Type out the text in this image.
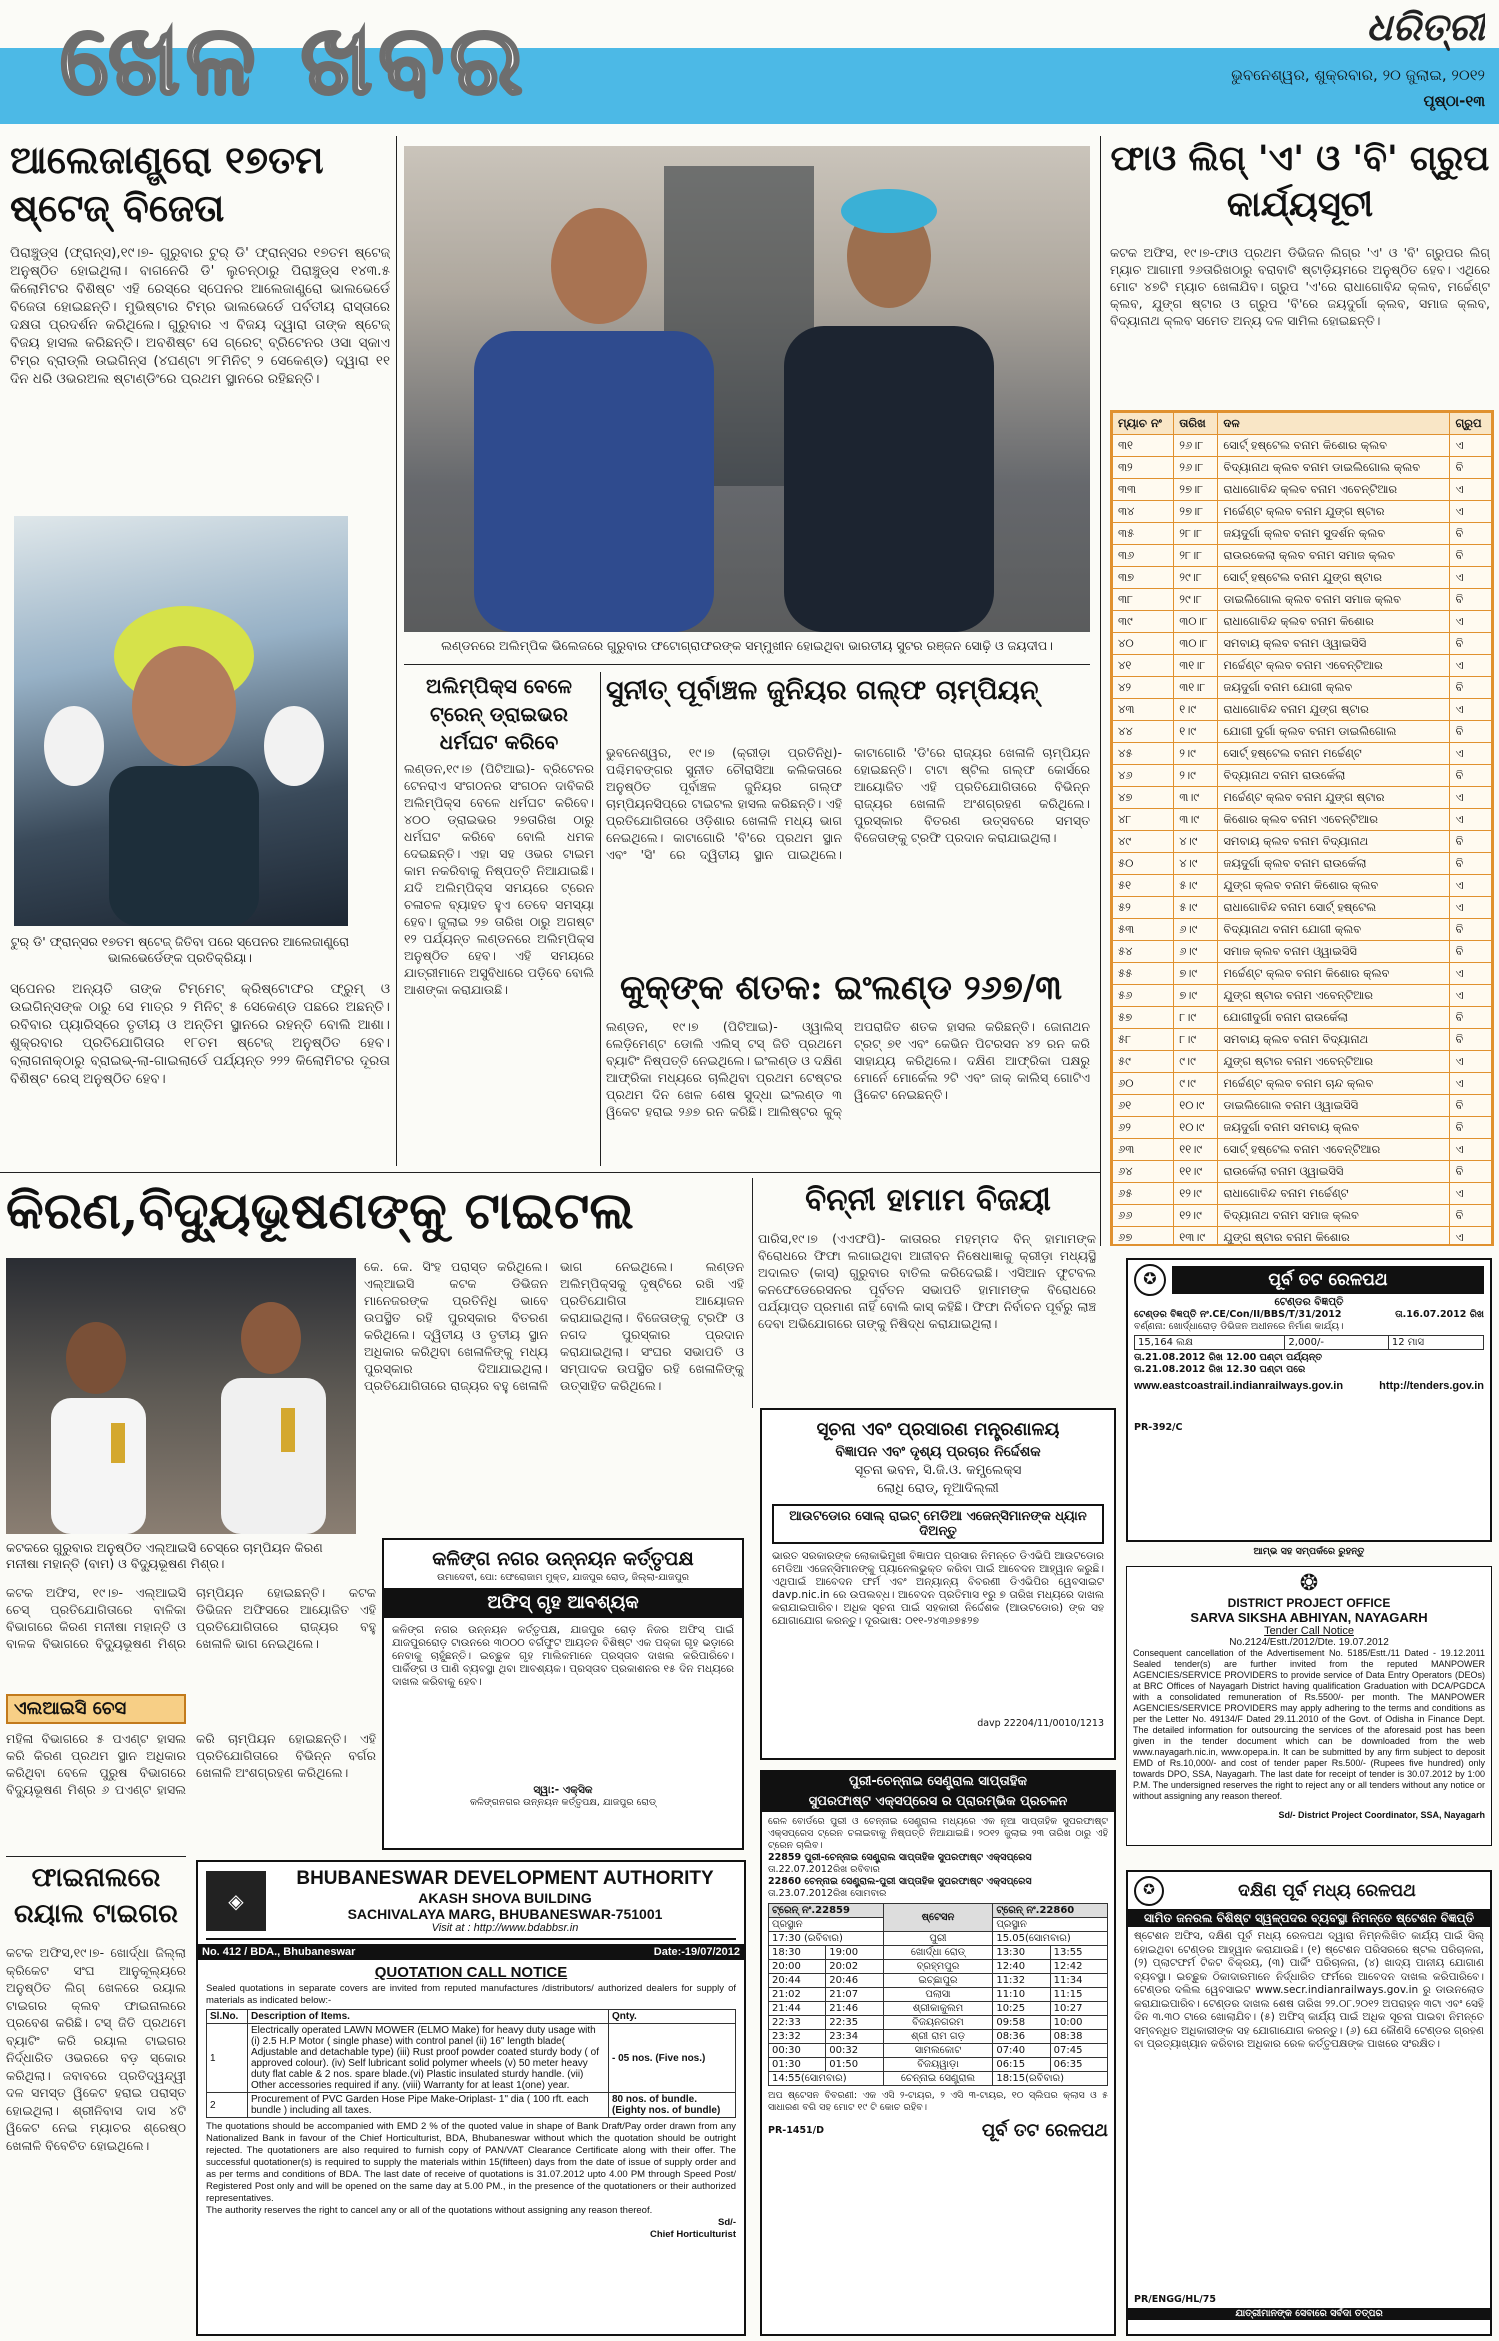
ଖେଳ ଖବର	ଧରିତ୍ରୀ
ଭୁବନେଶ୍ୱର, ଶୁକ୍ରବାର, ୨୦ ଜୁଲାଇ, ୨୦୧୨
ପୃଷ୍ଠା-୧୩
ଆଲେଜାଣ୍ଡ୍ରୋ ୧୭ତମ ଷ୍ଟେଜ୍ ବିଜେତା
ପିରାଞ୍ଚୁଡ୍ସ (ଫ୍ରାନ୍ସ),୧୯।୭- ଗୁରୁବାର ଟୁର୍ ଡି' ଫ୍ରାନ୍ସର ୧୭ତମ ଷ୍ଟେଜ୍ ଅନୁଷ୍ଠିତ ହୋଇଥିଲା। ବାଗନେରି ଡି' ଲୁଚନ୍‌ଠାରୁ ପିରାଞ୍ଚୁଡ୍ସ ୧୪୩.୫ କିଲୋମିଟର ବିଶିଷ୍ଟ ଏହି ରେସ୍‌ରେ ସ୍ପେନର ଆଲେଜାଣ୍ଡ୍ରୋ ଭାଲଭେର୍ଡେ ବିଜେତା ହୋଇଛନ୍ତି। ମୁଭିଷ୍ଟାର ଟିମ୍‌ର ଭାଲଭେର୍ଡେ ପର୍ବତୀୟ ରାସ୍ତାରେ ଦକ୍ଷତା ପ୍ରଦର୍ଶନ କରିଥିଲେ। ଗୁରୁବାର ଏ ବିଜୟ ଦ୍ୱାରା ତାଙ୍କ ଷ୍ଟେଜ୍ ବିଜୟ ହାସଲ କରିଛନ୍ତି। ଅବଶିଷ୍ଟ ସେ ଗ୍ରେଟ୍ ବ୍ରିଟେନର ଓସା ସ୍କାଏ ଟିମ୍‌ର ବ୍ରାଡ୍ଲି ଉଇଗିନ୍ସ (୪ଘଣ୍ଟା ୨୮ମିନିଟ୍ ୨ ସେକେଣ୍ଡ) ଦ୍ୱାରା ୧୧ ଦିନ ଧରି ଓଭରଅଲ ଷ୍ଟାଣ୍ଡିଂରେ ପ୍ରଥମ ସ୍ଥାନରେ ରହିଛନ୍ତି।
ଟୁର୍ ଡି' ଫ୍ରାନ୍ସର ୧୭ତମ ଷ୍ଟେଜ୍ ଜିତିବା ପରେ ସ୍ପେନର ଆଲେଜାଣ୍ଡ୍ରୋ ଭାଲଭେର୍ଡେଙ୍କ ପ୍ରତିକ୍ରିୟା।
ସ୍ପେନର ଅନ୍ୟତି ତାଙ୍କ ଟିମ୍‌ମେଟ୍ କ୍ରିଷ୍ଟୋଫର ଫ୍ରୁମ୍ ଓ ଉଇଗିନ୍ସଙ୍କ ଠାରୁ ସେ ମାତ୍ର ୨ ମିନିଟ୍ ୫ ସେକେଣ୍ଡ ପଛରେ ଅଛନ୍ତି। ରବିବାର ପ୍ୟାରିସ୍‌ରେ ତୃତୀୟ ଓ ଅନ୍ତିମ ସ୍ଥାନରେ ରହନ୍ତି ବୋଲି ଆଶା। ଶୁକ୍ରବାର ପ୍ରତିଯୋଗିତାର ୧୮ତମ ଷ୍ଟେଜ୍ ଅନୁଷ୍ଠିତ ହେବ। ବ୍ଲାଗନାକ୍‌ଠାରୁ ବ୍ରାଇଭ୍-ଲା-ଗାଇଲାର୍ଡେ ପର୍ଯ୍ୟନ୍ତ ୨୨୨ କିଲୋମିଟର ଦୂରତା ବିଶିଷ୍ଟ ରେସ୍ ଅନୁଷ୍ଠିତ ହେବ।
ଲଣ୍ଡନରେ ଅଲିମ୍ପିକ ଭିଲେଜରେ ଗୁରୁବାର ଫଟୋଗ୍ରାଫରଙ୍କ ସମ୍ମୁଖୀନ ହୋଇଥିବା ଭାରତୀୟ ସୁଟର ରଞ୍ଜନ ସୋଢ଼ି ଓ ଜୟଦୀପ।
ଅଲିମ୍ପିକ୍ସ ବେଳେ ଟ୍ରେନ୍ ଡ୍ରାଇଭର ଧର୍ମଘଟ କରିବେ
ଲଣ୍ଡନ,୧୯।୭ (ପିଟିଆଇ)- ବ୍ରିଟେନର ଟେନରାଏ ସଂଗଠନର ସଂଗଠନ ଦାବିକରି ଅଲିମ୍ପିକ୍ସ ବେଳେ ଧର୍ମଘଟ କରିବେ। ୪୦୦ ଡ୍ରାଇଭର ୨୭ତାରିଖ ଠାରୁ ଧର୍ମଘଟ କରିବେ ବୋଲି ଧମକ ଦେଇଛନ୍ତି। ଏହା ସହ ଓଭର ଟାଇମ କାମ ନକରିବାକୁ ନିଷ୍ପତ୍ତି ନିଆଯାଇଛି। ଯଦି ଅଲିମ୍ପିକ୍ସ ସମୟରେ ଟ୍ରେନ ଚଳାଚଳ ବ୍ୟାହତ ହୁଏ ତେବେ ସମସ୍ୟା ହେବ। ଜୁଲାଇ ୨୭ ତାରିଖ ଠାରୁ ଅଗଷ୍ଟ ୧୨ ପର୍ଯ୍ୟନ୍ତ ଲଣ୍ଡନରେ ଅଲିମ୍ପିକ୍ସ ଅନୁଷ୍ଠିତ ହେବ। ଏହି ସମୟରେ ଯାତ୍ରୀମାନେ ଅସୁବିଧାରେ ପଡ଼ିବେ ବୋଲି ଆଶଙ୍କା କରାଯାଉଛି।
ସୁନୀତ୍ ପୂର୍ବାଞ୍ଚଳ ଜୁନିୟର ଗଲ୍ଫ ଚାମ୍ପିୟନ୍
ଭୁବନେଶ୍ୱର, ୧୯।୭ (କ୍ରୀଡ଼ା ପ୍ରତିନିଧି)- ପଶ୍ଚିମବଙ୍ଗର ସୁନୀତ ଚୌରାସିଆ କଲିକତାରେ ଅନୁଷ୍ଠିତ ପୂର୍ବାଞ୍ଚଳ ଜୁନିୟର ଗଲ୍ଫ ଚାମ୍ପିୟନସିପ୍‌ରେ ଟାଇଟଲ ହାସଲ କରିଛନ୍ତି। ଏହି ପ୍ରତିଯୋଗିତାରେ ଓଡ଼ିଶାର ଖେଳାଳି ମଧ୍ୟ ଭାଗ ନେଇଥିଲେ। କାଟାଗୋରି 'ବି'ରେ ପ୍ରଥମ ସ୍ଥାନ ଏବଂ 'ସି' ରେ ଦ୍ୱିତୀୟ ସ୍ଥାନ ପାଇଥିଲେ। କାଟାଗୋରି 'ଡି'ରେ ରାଜ୍ୟର ଖେଳାଳି ଚାମ୍ପିୟନ ହୋଇଛନ୍ତି। ଟାଟା ଷ୍ଟିଲ ଗଲ୍ଫ କୋର୍ସରେ ଆୟୋଜିତ ଏହି ପ୍ରତିଯୋଗିତାରେ ବିଭିନ୍ନ ରାଜ୍ୟର ଖେଳାଳି ଅଂଶଗ୍ରହଣ କରିଥିଲେ। ପୁରସ୍କାର ବିତରଣ ଉତ୍ସବରେ ସମସ୍ତ ବିଜେତାଙ୍କୁ ଟ୍ରଫି ପ୍ରଦାନ କରାଯାଇଥିଲା।
କୁକ୍‌ଙ୍କ ଶତକ: ଇଂଲଣ୍ଡ ୨୬୭/୩
ଲଣ୍ଡନ, ୧୯।୭ (ପିଟିଆଇ)- ଓ୍ୱାଲିସ୍ ଲେଡ଼ିମେଣ୍ଟ ଡୋଲି ଏଲିସ୍ ଟସ୍ ଜିତି ପ୍ରଥମେ ବ୍ୟାଟିଂ ନିଷ୍ପତ୍ତି ନେଇଥିଲେ। ଇଂଲଣ୍ଡ ଓ ଦକ୍ଷିଣ ଆଫ୍ରିକା ମଧ୍ୟରେ ଚାଲିଥିବା ପ୍ରଥମ ଟେଷ୍ଟର ପ୍ରଥମ ଦିନ ଖେଳ ଶେଷ ସୁଦ୍ଧା ଇଂଲଣ୍ଡ ୩ ୱିକେଟ ହରାଇ ୨୬୭ ରନ କରିଛି। ଆଲିଷ୍ଟର କୁକ୍ ଅପରାଜିତ ଶତକ ହାସଲ କରିଛନ୍ତି। ଜୋନାଥନ ଟ୍ରଟ୍ ୭୧ ଏବଂ କେଭିନ ପିଟରସନ ୪୨ ରନ କରି ସାହାଯ୍ୟ କରିଥିଲେ। ଦକ୍ଷିଣ ଆଫ୍ରିକା ପକ୍ଷରୁ ମୋର୍ନେ ମୋର୍କେଲ ୨ଟି ଏବଂ ଜାକ୍ କାଲିସ୍ ଗୋଟିଏ ୱିକେଟ ନେଇଛନ୍ତି।
ଫାଓ ଲିଗ୍ 'ଏ' ଓ 'ବି' ଗ୍ରୁପ କାର୍ଯ୍ୟସୂଚୀ
କଟକ ଅଫିସ, ୧୯।୭-ଫାଓ ପ୍ରଥମ ଡିଭିଜନ ଲିଗ୍‌ର 'ଏ' ଓ 'ବି' ଗ୍ରୁପର ଲିଗ୍ ମ୍ୟାଚ ଆଗାମୀ ୨୬ତାରିଖଠାରୁ ବରାବାଟି ଷ୍ଟାଡ଼ିୟମରେ ଅନୁଷ୍ଠିତ ହେବ। ଏଥିରେ ମୋଟ ୪୭ଟି ମ୍ୟାଚ ଖେଳାଯିବ। ଗ୍ରୁପ 'ଏ'ରେ ରାଧାଗୋବିନ୍ଦ କ୍ଲବ, ମର୍ଚ୍ଚେଣ୍ଟ କ୍ଲବ, ଯୁଙ୍ଗ ଷ୍ଟାର ଓ ଗ୍ରୁପ 'ବି'ରେ ଜୟଦୁର୍ଗା କ୍ଲବ, ସମାଜ କ୍ଲବ, ବିଦ୍ୟାନାଥ କ୍ଲବ ସମେତ ଅନ୍ୟ ଦଳ ସାମିଲ ହୋଇଛନ୍ତି।
ମ୍ୟାଚ ନଂ	ତାରିଖ	ଦଳ	ଗ୍ରୁପ
୩୧	୨୬।୮	ସୋର୍ଟ୍ ହଷ୍ଟେଲ ବନାମ କିଶୋର କ୍ଲବ	ଏ
୩୨	୨୬।୮	ବିଦ୍ୟାନାଥ କ୍ଲବ ବନାମ ଡାଇଲିଗୋଲ କ୍ଲବ	ବି
୩୩	୨୭।୮	ରାଧାଗୋବିନ୍ଦ କ୍ଲବ ବନାମ ଏବେନ୍ଟିଆର	ଏ
୩୪	୨୭।୮	ମର୍ଚ୍ଚେଣ୍ଟ କ୍ଲବ ବନାମ ଯୁଙ୍ଗ ଷ୍ଟାର	ଏ
୩୫	୨୮।୮	ଜୟଦୁର୍ଗା କ୍ଲବ ବନାମ ସୁଦର୍ଶନ କ୍ଲବ	ବି
୩୬	୨୮।୮	ରାଉରକେଲା କ୍ଲବ ବନାମ ସମାଜ କ୍ଲବ	ବି
୩୭	୨୯।୮	ସୋର୍ଟ୍ ହଷ୍ଟେଲ ବନାମ ଯୁଙ୍ଗ ଷ୍ଟାର	ଏ
୩୮	୨୯।୮	ଡାଇଲିଗୋଲ କ୍ଲବ ବନାମ ସମାଜ କ୍ଲବ	ବି
୩୯	୩୦।୮	ରାଧାଗୋବିନ୍ଦ କ୍ଲବ ବନାମ କିଶୋର	ଏ
୪୦	୩୦।୮	ସମବାୟ କ୍ଲବ ବନାମ ଓ୍ୱାଇସିସି	ବି
୪୧	୩୧।୮	ମର୍ଚ୍ଚେଣ୍ଟ କ୍ଲବ ବନାମ ଏବେନ୍ଟିଆର	ଏ
୪୨	୩୧।୮	ଜୟଦୁର୍ଗା ବନାମ ଯୋଗୀ କ୍ଲବ	ବି
୪୩	୧।୯	ରାଧାଗୋବିନ୍ଦ ବନାମ ଯୁଙ୍ଗ ଷ୍ଟାର	ଏ
୪୪	୧।୯	ଯୋଗୀ ଦୁର୍ଗା କ୍ଲବ ବନାମ ଡାଇଲିଗୋଲ	ବି
୪୫	୨।୯	ସୋର୍ଟ୍ ହଷ୍ଟେଲ ବନାମ ମର୍ଚ୍ଚେଣ୍ଟ	ଏ
୪୬	୨।୯	ବିଦ୍ୟାନାଥ ବନାମ ରାଉର୍କେଲା	ବି
୪୭	୩।୯	ମର୍ଚ୍ଚେଣ୍ଟ କ୍ଲବ ବନାମ ଯୁଙ୍ଗ ଷ୍ଟାର	ଏ
୪୮	୩।୯	କିଶୋର କ୍ଲବ ବନାମ ଏବେନ୍ଟିଆର	ଏ
୪୯	୪।୯	ସମବାୟ କ୍ଲବ ବନାମ ବିଦ୍ୟାନାଥ	ବି
୫୦	୪।୯	ଜୟଦୁର୍ଗା କ୍ଲବ ବନାମ ରାଉର୍କେଲା	ବି
୫୧	୫।୯	ଯୁଙ୍ଗ କ୍ଲବ ବନାମ କିଶୋର କ୍ଲବ	ଏ
୫୨	୫।୯	ରାଧାଗୋବିନ୍ଦ ବନାମ ସୋର୍ଟ୍ ହଷ୍ଟେଲ	ଏ
୫୩	୬।୯	ବିଦ୍ୟାନାଥ ବନାମ ଯୋଗୀ କ୍ଲବ	ବି
୫୪	୬।୯	ସମାଜ କ୍ଲବ ବନାମ ଓ୍ୱାଇସିସି	ବି
୫୫	୭।୯	ମର୍ଚ୍ଚେଣ୍ଟ କ୍ଲବ ବନାମ କିଶୋର କ୍ଲବ	ଏ
୫୬	୭।୯	ଯୁଙ୍ଗ ଷ୍ଟାର ବନାମ ଏବେନ୍ଟିଆର	ଏ
୫୭	୮।୯	ଯୋଗୀଦୁର୍ଗା ବନାମ ରାଉର୍କେଲା	ବି
୫୮	୮।୯	ସମବାୟ କ୍ଲବ ବନାମ ବିଦ୍ୟାନାଥ	ବି
୫୯	୯।୯	ଯୁଙ୍ଗ ଷ୍ଟାର ବନାମ ଏବେନ୍ଟିଆର	ଏ
୬୦	୯।୯	ମର୍ଚ୍ଚେଣ୍ଟ କ୍ଲବ ବନାମ ଚାନ୍ଦ କ୍ଲବ	ଏ
୬୧	୧୦।୯	ଡାଇଲିଗୋଲ ବନାମ ଓ୍ୱାଇସିସି	ବି
୬୨	୧୦।୯	ଜୟଦୁର୍ଗା ବନାମ ସମବାୟ କ୍ଲବ	ବି
୬୩	୧୧।୯	ସୋର୍ଟ୍ ହଷ୍ଟେଲ ବନାମ ଏବେନ୍ଟିଆର	ଏ
୬୪	୧୧।୯	ରାଉର୍କେଲା ବନାମ ଓ୍ୱାଇସିସି	ବି
୬୫	୧୨।୯	ରାଧାଗୋବିନ୍ଦ ବନାମ ମର୍ଚ୍ଚେଣ୍ଟ	ଏ
୬୬	୧୨।୯	ବିଦ୍ୟାନାଥ ବନାମ ସମାଜ କ୍ଲବ	ବି
୬୭	୧୩।୯	ଯୁଙ୍ଗ ଷ୍ଟାର ବନାମ କିଶୋର	ଏ

କିରଣ,ବିଦ୍ୟୁଭୂଷଣଙ୍କୁ ଟାଇଟଲ
କଟକରେ ଗୁରୁବାର ଅନୁଷ୍ଠିତ ଏଲ୍‌ଆଇସି ଚେସ୍‌ରେ ଚାମ୍ପିୟନ କିରଣ ମନୀଷା ମହାନ୍ତି (ବାମ) ଓ ବିଦ୍ୟୁଭୂଷଣ ମିଶ୍ର।
କେ. କେ. ସିଂହ ପରାସ୍ତ କରିଥିଲେ। ଏଲ୍‌ଆଇସି କଟକ ଡିଭିଜନ ମାନେଜରଙ୍କ ପ୍ରତିନିଧି ଭାବେ ଉପସ୍ଥିତ ରହି ପୁରସ୍କାର ବିତରଣ କରିଥିଲେ। ଦ୍ୱିତୀୟ ଓ ତୃତୀୟ ସ୍ଥାନ ଅଧିକାର କରିଥିବା ଖେଳାଳିଙ୍କୁ ମଧ୍ୟ ପୁରସ୍କାର ଦିଆଯାଇଥିଲା। ପ୍ରତିଯୋଗିତାରେ ରାଜ୍ୟର ବହୁ ଖେଳାଳି ଭାଗ ନେଇଥିଲେ। ଲଣ୍ଡନ ଅଲିମ୍ପିକ୍ସକୁ ଦୃଷ୍ଟିରେ ରଖି ଏହି ପ୍ରତିଯୋଗିତା ଆୟୋଜନ କରାଯାଇଥିଲା। ବିଜେତାଙ୍କୁ ଟ୍ରଫି ଓ ନଗଦ ପୁରସ୍କାର ପ୍ରଦାନ କରାଯାଇଥିଲା। ସଂଘର ସଭାପତି ଓ ସମ୍ପାଦକ ଉପସ୍ଥିତ ରହି ଖେଳାଳିଙ୍କୁ ଉତ୍ସାହିତ କରିଥିଲେ।
କଟକ ଅଫିସ, ୧୯।୭- ଏଲ୍‌ଆଇସି ଚେସ୍ ପ୍ରତିଯୋଗିତାରେ ବାଳିକା ବିଭାଗରେ କିରଣ ମନୀଷା ମହାନ୍ତି ଓ ବାଳକ ବିଭାଗରେ ବିଦ୍ୟୁଭୂଷଣ ମିଶ୍ର ଚାମ୍ପିୟନ ହୋଇଛନ୍ତି। କଟକ ଡିଭିଜନ ଅଫିସରେ ଆୟୋଜିତ ଏହି ପ୍ରତିଯୋଗିତାରେ ରାଜ୍ୟର ବହୁ ଖେଳାଳି ଭାଗ ନେଇଥିଲେ।
ଏଲଆଇସି ଚେସ
ମହିଳା ବିଭାଗରେ ୫ ପଏଣ୍ଟ ହାସଲ କରି କିରଣ ପ୍ରଥମ ସ୍ଥାନ ଅଧିକାର କରିଥିବା ବେଳେ ପୁରୁଷ ବିଭାଗରେ ବିଦ୍ୟୁଭୂଷଣ ମିଶ୍ର ୬ ପଏଣ୍ଟ ହାସଲ କରି ଚାମ୍ପିୟନ ହୋଇଛନ୍ତି। ଏହି ପ୍ରତିଯୋଗିତାରେ ବିଭିନ୍ନ ବର୍ଗର ଖେଳାଳି ଅଂଶଗ୍ରହଣ କରିଥିଲେ।
ଫାଇନାଲରେ ରୟାଲ ଟାଇଗର
କଟକ ଅଫିସ,୧୯।୭- ଖୋର୍ଦ୍ଧା ଜିଲ୍ଲା କ୍ରିକେଟ ସଂଘ ଆନୁକୂଲ୍ୟରେ ଅନୁଷ୍ଠିତ ଲିଗ୍ ଖେଳରେ ରୟାଲ ଟାଇଗର କ୍ଲବ ଫାଇନାଲରେ ପ୍ରବେଶ କରିଛି। ଟସ୍ ଜିତି ପ୍ରଥମେ ବ୍ୟାଟିଂ କରି ରୟାଲ ଟାଇଗର ନିର୍ଦ୍ଧାରିତ ଓଭରରେ ବଡ଼ ସ୍କୋର କରିଥିଲା। ଜବାବରେ ପ୍ରତିଦ୍ୱନ୍ଦ୍ୱୀ ଦଳ ସମସ୍ତ ୱିକେଟ ହରାଇ ପରାସ୍ତ ହୋଇଥିଲା। ଶ୍ରୀନିବାସ ଦାସ ୪ଟି ୱିକେଟ ନେଇ ମ୍ୟାଚର ଶ୍ରେଷ୍ଠ ଖେଳାଳି ବିବେଚିତ ହୋଇଥିଲେ।
ବିନ୍ନୀ ହାମାମ ବିଜୟୀ
ପାରିସ,୧୯।୭ (ଏଏଫପି)- କାତାରର ମହମ୍ମଦ ବିନ୍ ହାମାମଙ୍କ ବିରୋଧରେ ଫିଫା ଲଗାଇଥିବା ଆଜୀବନ ନିଷେଧାଜ୍ଞାକୁ କ୍ରୀଡ଼ା ମଧ୍ୟସ୍ଥି ଅଦାଲତ (କାସ୍) ଗୁରୁବାର ବାତିଲ କରିଦେଇଛି। ଏସିଆନ ଫୁଟବଲ କନଫେଡେରେସନର ପୂର୍ବତନ ସଭାପତି ହାମାମଙ୍କ ବିରୋଧରେ ପର୍ଯ୍ୟାପ୍ତ ପ୍ରମାଣ ନାହିଁ ବୋଲି କାସ୍ କହିଛି। ଫିଫା ନିର୍ବାଚନ ପୂର୍ବରୁ ଲାଞ୍ଚ ଦେବା ଅଭିଯୋଗରେ ତାଙ୍କୁ ନିଷିଦ୍ଧ କରାଯାଇଥିଲା।
ସୂଚନା ଏବଂ ପ୍ରସାରଣ ମନ୍ତ୍ରଣାଳୟ
ବିଜ୍ଞାପନ ଏବଂ ଦୃଶ୍ୟ ପ୍ରଚାର ନିର୍ଦ୍ଦେଶକ
ସୂଚନା ଭବନ, ସି.ଜି.ଓ. କମ୍ପ୍ଲେକ୍ସ
ଲୋଧି ରୋଡ୍, ନୂଆଦିଲ୍ଲୀ
ଆଉଟଡୋର ସୋଲ୍ ରାଇଟ୍ ମେଡିଆ ଏଜେନ୍ସିମାନଙ୍କ ଧ୍ୟାନ ଦିଅନ୍ତୁ
ଭାରତ ସରକାରଙ୍କ ଲୋକାଭିମୁଖୀ ବିଜ୍ଞାପନ ପ୍ରସାର ନିମନ୍ତେ ଡିଏଭିପି ଆଉଟଡୋର ମେଡିଆ ଏଜେନ୍ସିମାନଙ୍କୁ ପ୍ୟାନେଲଭୁକ୍ତ କରିବା ପାଇଁ ଆବେଦନ ଆହ୍ୱାନ କରୁଛି। ଏଥିପାଇଁ ଆବେଦନ ଫର୍ମ ଏବଂ ଅନ୍ୟାନ୍ୟ ବିବରଣୀ ଡିଏଭିପିର ୱେବସାଇଟ davp.nic.in ରେ ଉପଲବ୍ଧ। ଆବେଦନ ପ୍ରତିମାସ ୧ରୁ ୭ ତାରିଖ ମଧ୍ୟରେ ଦାଖଲ କରାଯାଇପାରିବ। ଅଧିକ ସୂଚନା ପାଇଁ ସହକାରୀ ନିର୍ଦ୍ଦେଶକ (ଆଉଟଡୋର) ଙ୍କ ସହ ଯୋଗାଯୋଗ କରନ୍ତୁ। ଦୂରଭାଷ: ୦୧୧-୨୪୩୬୭୫୨୭
davp 22204/11/0010/1213
କଳିଙ୍ଗ ନଗର ଉନ୍ନୟନ କର୍ତ୍ତୃପକ୍ଷ
ଉମାଦେବୀ, ପୋ: ଫେରୋଜାମ ମୁକ୍ତ, ଯାଜପୁର ରୋଡ୍, ଜିଲ୍ଲା-ଯାଜପୁର
ଅଫିସ୍ ଗୃହ ଆବଶ୍ୟକ
କଳିଙ୍ଗ ନଗର ଉନ୍ନୟନ କର୍ତ୍ତୃପକ୍ଷ, ଯାଜପୁର ରୋଡ଼ ନିଜର ଅଫିସ୍ ପାଇଁ ଯାଜପୁରରୋଡ଼ ଟାଉନରେ ୩୦୦୦ ବର୍ଗଫୁଟ ଆୟତନ ବିଶିଷ୍ଟ ଏକ ପକ୍କା ଗୃହ ଭଡ଼ାରେ ନେବାକୁ ଚାହୁଁଛନ୍ତି। ଇଚ୍ଛୁକ ଗୃହ ମାଲିକମାନେ ପ୍ରସ୍ତାବ ଦାଖଲ କରିପାରିବେ। ପାର୍କିଙ୍ଗ ଓ ପାଣି ବ୍ୟବସ୍ଥା ଥିବା ଆବଶ୍ୟକ। ପ୍ରସ୍ତାବ ପ୍ରକାଶନର ୧୫ ଦିନ ମଧ୍ୟରେ ଦାଖଲ କରିବାକୁ ହେବ।
ସ୍ୱା:- ଏକ୍ସିକ
କଳିଙ୍ଗନଗର ଉନ୍ନୟନ କର୍ତ୍ତୃପକ୍ଷ, ଯାଜପୁର ରୋଡ୍
◈
BHUBANESWAR DEVELOPMENT AUTHORITY
AKASH SHOVA BUILDING
SACHIVALAYA MARG, BHUBANESWAR-751001
Visit at : http://www.bdabbsr.in
No. 412 / BDA., Bhubaneswar	Date:-19/07/2012
QUOTATION CALL NOTICE
Sealed quotations in separate covers are invited from reputed manufactures /distributors/ authorized dealers for supply of materials as indicated below:-
Sl.No.	Description of Items.	Qnty.
1	Electrically operated LAWN MOWER (ELMO Make) for heavy duty usage with (i) 2.5 H.P Motor ( single phase) with control panel (ii) 16" length blade( Adjustable and detachable type) (iii) Rust proof powder coated sturdy body ( of approved colour). (iv) Self lubricant solid polymer wheels (v) 50 meter heavy duty flat cable & 2 nos. spare blade.(vi) Plastic insulated sturdy handle. (vii) Other accessories required if any. (viii) Warranty for at least 1(one) year.	- 05 nos. (Five nos.)
2	Procurement of PVC Garden Hose Pipe Make-Oriplast- 1" dia ( 100 rft. each bundle ) including all taxes.	80 nos. of bundle. (Eighty nos. of bundle)
The quotations should be accompanied with EMD 2 % of the quoted value in shape of Bank Draft/Pay order drawn from any Nationalized Bank in favour of the Chief Horticulturist, BDA, Bhubaneswar without which the quotation should be outright rejected. The quotationers are also required to furnish copy of PAN/VAT Clearance Certificate along with their offer. The successful quotationer(s) is required to supply the materials within 15(fifteen) days from the date of issue of supply order and as per terms and conditions of BDA. The last date of receive of quotations is 31.07.2012 upto 4.00 PM through Speed Post/ Registered Post only and will be opened on the same day at 5.00 PM., in the presence of the quotationers or their authorized representatives.
The authority reserves the right to cancel any or all of the quotations without assigning any reason thereof.
Sd/-
Chief Horticulturist
ପୁରୀ-ଚେନ୍ନାଇ ସେଣ୍ଟ୍ରାଲ ସାପ୍ତାହିକ
ସୁପରଫାଷ୍ଟ ଏକ୍ସପ୍ରେସ ର ପ୍ରାରମ୍ଭିକ ପ୍ରଚଳନ
ରେଳ ବୋର୍ଡରେ ପୁରୀ ଓ ଚେନ୍ନାଇ ସେଣ୍ଟ୍ରାଲ ମଧ୍ୟରେ ଏକ ନୂଆ ସାପ୍ତାହିକ ସୁପରଫାଷ୍ଟ ଏକ୍ସପ୍ରେସ ଟ୍ରେନ ଚଳାଇବାକୁ ନିଷ୍ପତ୍ତି ନିଆଯାଇଛି। ୨୦୧୨ ଜୁଲାଇ ୨୩ ତାରିଖ ଠାରୁ ଏହି ଟ୍ରେନ ଚାଲିବ।
22859 ପୁରୀ-ଚେନ୍ନାଇ ସେଣ୍ଟ୍ରାଲ ସାପ୍ତାହିକ ସୁପରଫାଷ୍ଟ ଏକ୍ସପ୍ରେସ
ତା.22.07.2012ରିଖ ରବିବାର
22860 ଚେନ୍ନାଇ ସେଣ୍ଟ୍ରାଲ-ପୁରୀ ସାପ୍ତାହିକ ସୁପରଫାଷ୍ଟ ଏକ୍ସପ୍ରେସ
ତା.23.07.2012ରିଖ ସୋମବାର
ଟ୍ରେନ୍ ନଂ.22859		ଷ୍ଟେସନ	ଟ୍ରେନ୍ ନଂ.22860	
ପ୍ରସ୍ଥାନ			ପ୍ରସ୍ଥାନ	
17:30 (ରବିବାର)		ପୁରୀ	15.05(ସୋମବାର)	
18:30	19:00	ଖୋର୍ଦ୍ଧା ରୋଡ୍	13:30	13:55
20:00	20:02	ବ୍ରହ୍ମପୁର	12:40	12:42
20:44	20:46	ଇଚ୍ଛାପୁର	11:32	11:34
21:02	21:07	ପଲାସା	11:10	11:15
21:44	21:46	ଶ୍ରୀକାକୁଲମ	10:25	10:27
22:33	22:35	ବିଜୟନଗରମ	09:58	10:00
23:32	23:34	ଶ୍ରୀ ରାମ ଗଡ଼	08:36	08:38
00:30	00:32	ସାମଲକୋଟ	07:40	07:45
01:30	01:50	ବିଜୟୱାଡ଼ା	06:15	06:35
14:55(ସୋମବାର)		ଚେନ୍ନାଇ ସେଣ୍ଟ୍ରାଲ	18:15(ରବିବାର)	
ଅପ ଷ୍ଟେସନ ବିବରଣୀ: ଏକ ଏସି ୨-ଟାୟର, ୨ ଏସି ୩-ଟାୟର, ୧୦ ସ୍ଲିପର କ୍ଲାସ ଓ ୫ ସାଧାରଣ ବଗି ସହ ମୋଟ ୧୯ ଟି କୋଚ ରହିବ।
PR-1451/D	ପୂର୍ବ ତଟ ରେଳପଥ
✪	ପୂର୍ବ ତଟ ରେଳପଥ
ଟେଣ୍ଡର ବିଜ୍ଞପ୍ତି
ଟେଣ୍ଡର ବିଜ୍ଞପ୍ତି ନଂ.CE/Con/II/BBS/T/31/2012	ତା.16.07.2012 ରିଖ
ବର୍ଣ୍ଣନା: ଖୋର୍ଦ୍ଧାରୋଡ଼ ଡିଭିଜନ ଅଧୀନରେ ନିର୍ମାଣ କାର୍ଯ୍ୟ।
15,164 ଲକ୍ଷ	2,000/-	12 ମାସ
ତା.21.08.2012 ରିଖ 12.00 ଘଣ୍ଟା ପର୍ଯ୍ୟନ୍ତ
ତା.21.08.2012 ରିଖ 12.30 ଘଣ୍ଟା ପରେ
www.eastcoastrail.indianrailways.gov.in	http://tenders.gov.in
PR-392/C
ଆମ୍ଭ ସହ ସମ୍ପର୍କରେ ରୁହନ୍ତୁ
❂
DISTRICT PROJECT OFFICE
SARVA SIKSHA ABHIYAN, NAYAGARH
Tender Call Notice
No.2124/Estt./2012/Dte. 19.07.2012
Consequent cancellation of the Advertisement No. 5185/Estt./11 Dated - 19.12.2011 Sealed tender(s) are further invited from the reputed MANPOWER AGENCIES/SERVICE PROVIDERS to provide service of Data Entry Operators (DEOs) at BRC Offices of Nayagarh District having qualification Graduation with DCA/PGDCA with a consolidated remuneration of Rs.5500/- per month. The MANPOWER AGENCIES/SERVICE PROVIDERS may apply adhering to the terms and conditions as per the Letter No. 49134/F Dated 29.11.2010 of the Govt. of Odisha in Finance Dept. The detailed information for outsourcing the services of the aforesaid post has been given in the tender document which can be downloaded from the web www.nayagarh.nic.in, www.opepa.in. It can be submitted by any firm subject to deposit EMD of Rs.10,000/- and cost of tender paper Rs.500/- (Rupees five hundred) only towards DPO, SSA, Nayagarh. The last date for receipt of tender is 30.07.2012 by 1:00 P.M. The undersigned reserves the right to reject any or all tenders without any notice or without assigning any reason thereof.
Sd/- District Project Coordinator, SSA, Nayagarh
✪	ଦକ୍ଷିଣ ପୂର୍ବ ମଧ୍ୟ ରେଳପଥ
ସାମିତ ଜନରଲ ବିଶିଷ୍ଟ ସ୍ୱଳ୍ପଦର ବ୍ୟବସ୍ଥା ନିମନ୍ତେ ଷ୍ଟେଶନ ବିଜ୍ଞପ୍ତି
ଷ୍ଟେଶନ ଅଫିସ, ଦକ୍ଷିଣ ପୂର୍ବ ମଧ୍ୟ ରେଳପଥ ଦ୍ୱାରା ନିମ୍ନଲିଖିତ କାର୍ଯ୍ୟ ପାଇଁ ସିଲ୍ ହୋଇଥିବା ଟେଣ୍ଡର ଆହ୍ୱାନ କରାଯାଉଛି। (୧) ଷ୍ଟେଶନ ପରିସରରେ ଷ୍ଟଲ ପରିଚାଳନା, (୨) ପ୍ଲାଟଫର୍ମ ଟିକଟ ବିକ୍ରୟ, (୩) ପାର୍କିଂ ପରିଚାଳନା, (୪) ଖାଦ୍ୟ ପାନୀୟ ଯୋଗାଣ ବ୍ୟବସ୍ଥା। ଇଚ୍ଛୁକ ଠିକାଦାରମାନେ ନିର୍ଦ୍ଧାରିତ ଫର୍ମରେ ଆବେଦନ ଦାଖଲ କରିପାରିବେ। ଟେଣ୍ଡର ଦଲିଲ ୱେବସାଇଟ www.secr.indianrailways.gov.in ରୁ ଡାଉନଲୋଡ କରାଯାଇପାରିବ। ଟେଣ୍ଡର ଦାଖଲ ଶେଷ ତାରିଖ ୨୨.୦୮.୨୦୧୨ ଅପରାହ୍ନ ୩ଟା ଏବଂ ସେହି ଦିନ ୩.୩୦ ଟାରେ ଖୋଲାଯିବ। (୫) ଅଫିସ୍ କାର୍ଯ୍ୟ ପାଇଁ ଅଧିକ ସୂଚନା ପାଇବା ନିମନ୍ତେ ସମ୍ବନ୍ଧିତ ଅଧିକାରୀଙ୍କ ସହ ଯୋଗାଯୋଗ କରନ୍ତୁ। (୬) ଯେ କୌଣସି ଟେଣ୍ଡର ଗ୍ରହଣ ବା ପ୍ରତ୍ୟାଖ୍ୟାନ କରିବାର ଅଧିକାର ରେଳ କର୍ତ୍ତୃପକ୍ଷଙ୍କ ପାଖରେ ସଂରକ୍ଷିତ।
PR/ENGG/HL/75
ଯାତ୍ରୀମାନଙ୍କ ସେବାରେ ସର୍ବଦା ତତ୍ପର
